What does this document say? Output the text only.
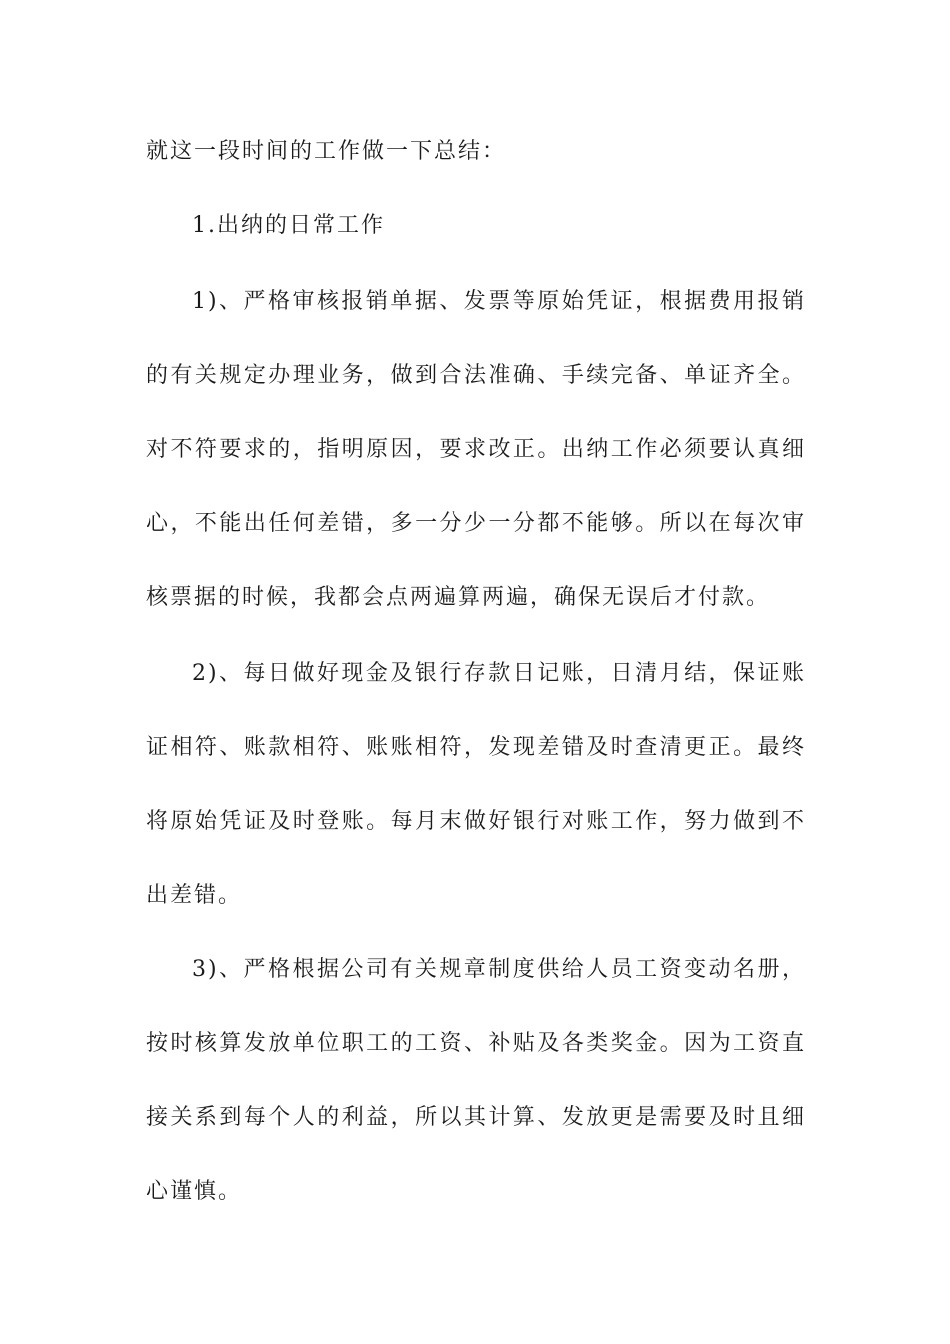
就这一段时间的工作做一下总结：
1.出纳的日常工作
1)、严格审核报销单据、发票等原始凭证，根据费用报销
的有关规定办理业务，做到合法准确、手续完备、单证齐全。
对不符要求的，指明原因，要求改正。出纳工作必须要认真细
心，不能出任何差错，多一分少一分都不能够。所以在每次审
核票据的时候，我都会点两遍算两遍，确保无误后才付款。
2)、每日做好现金及银行存款日记账，日清月结，保证账
证相符、账款相符、账账相符，发现差错及时查清更正。最终
将原始凭证及时登账。每月末做好银行对账工作，努力做到不
出差错。
3)、严格根据公司有关规章制度供给人员工资变动名册，
按时核算发放单位职工的工资、补贴及各类奖金。因为工资直
接关系到每个人的利益，所以其计算、发放更是需要及时且细
心谨慎。
